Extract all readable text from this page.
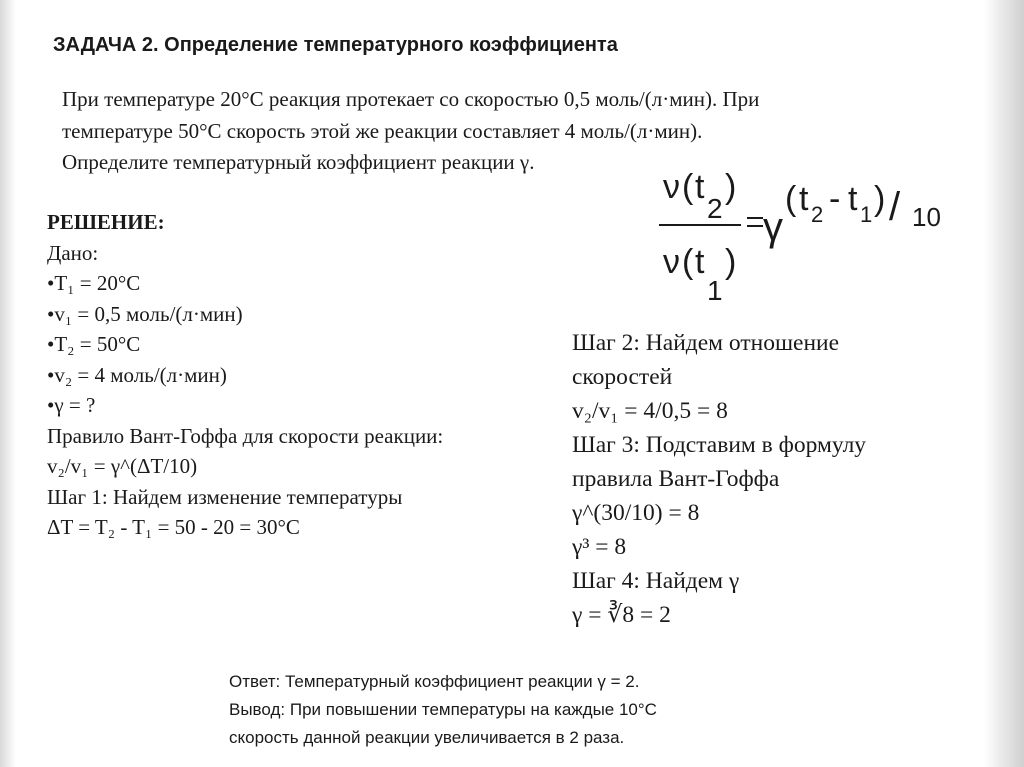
ЗАДАЧА 2. Определение температурного коэффициента
При температуре 20°С реакция протекает со скоростью 0,5 моль/(л·мин). При
температуре 50°С скорость этой же реакции составляет 4 моль/(л·мин).
Определите температурный коэффициент реакции γ.
ν ( t
2
)
ν ( t
1
)
γ
( t 2 - t 1 ) / 10
РЕШЕНИЕ:
Дано:
•T₁ = 20°C
•v₁ = 0,5 моль/(л·мин)
•T₂ = 50°C
•v₂ = 4 моль/(л·мин)
•γ = ?
Правило Вант-Гоффа для скорости реакции:
v₂/v₁ = γ^(ΔT/10)
Шаг 1: Найдем изменение температуры
ΔT = T₂ - T₁ = 50 - 20 = 30°C
Шаг 2: Найдем отношение
скоростей
v₂/v₁ = 4/0,5 = 8
Шаг 3: Подставим в формулу
правила Вант-Гоффа
γ^(30/10) = 8
γ³ = 8
Шаг 4: Найдем γ
γ = ∛8 = 2
Ответ: Температурный коэффициент реакции γ = 2.
Вывод: При повышении температуры на каждые 10°С
скорость данной реакции увеличивается в 2 раза.
